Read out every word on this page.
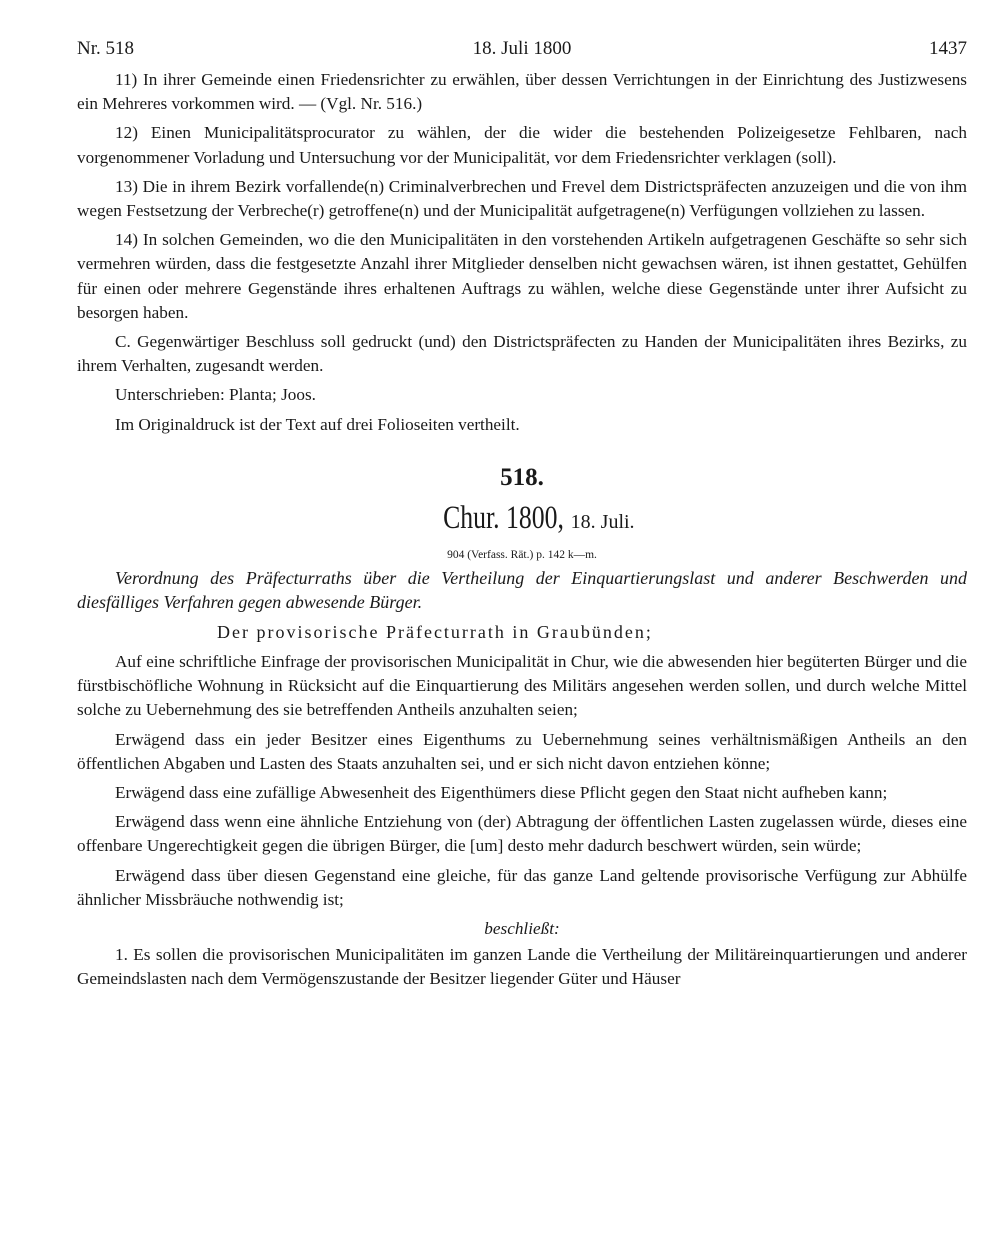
Nr. 518	18. Juli 1800	1437

11) In ihrer Gemeinde einen Friedensrichter zu erwählen, über dessen Verrichtungen in der Einrichtung des Justizwesens ein Mehreres vorkommen wird. — (Vgl. Nr. 516.)

12) Einen Municipalitätsprocurator zu wählen, der die wider die bestehenden Polizeigesetze Fehlbaren, nach vorgenommener Vorladung und Untersuchung vor der Municipalität, vor dem Friedensrichter verklagen (soll).

13) Die in ihrem Bezirk vorfallende(n) Criminalverbrechen und Frevel dem Districtspräfecten anzuzeigen und die von ihm wegen Festsetzung der Verbreche(r) getroffene(n) und der Municipalität aufgetragene(n) Verfügungen vollziehen zu lassen.

14) In solchen Gemeinden, wo die den Municipalitäten in den vorstehenden Artikeln aufgetragenen Geschäfte so sehr sich vermehren würden, dass die festgesetzte Anzahl ihrer Mitglieder denselben nicht gewachsen wären, ist ihnen gestattet, Gehülfen für einen oder mehrere Gegenstände ihres erhaltenen Auftrags zu wählen, welche diese Gegenstände unter ihrer Aufsicht zu besorgen haben.

C. Gegenwärtiger Beschluss soll gedruckt (und) den Districtspräfecten zu Handen der Municipalitäten ihres Bezirks, zu ihrem Verhalten, zugesandt werden.

Unterschrieben: Planta; Joos.

Im Originaldruck ist der Text auf drei Folioseiten vertheilt.

518.
Chur. 1800, 18. Juli.
904 (Verfass. Rät.) p. 142 k—m.
Verordnung des Präfecturraths über die Vertheilung der Einquartierungslast und anderer Beschwerden und diesfälliges Verfahren gegen abwesende Bürger.
Der provisorische Präfecturrath in Graubünden;

Auf eine schriftliche Einfrage der provisorischen Municipalität in Chur, wie die abwesenden hier begüterten Bürger und die fürstbischöfliche Wohnung in Rücksicht auf die Einquartierung des Militärs angesehen werden sollen, und durch welche Mittel solche zu Uebernehmung des sie betreffenden Antheils anzuhalten seien;

Erwägend dass ein jeder Besitzer eines Eigenthums zu Uebernehmung seines verhältnismäßigen Antheils an den öffentlichen Abgaben und Lasten des Staats anzuhalten sei, und er sich nicht davon entziehen könne;

Erwägend dass eine zufällige Abwesenheit des Eigenthümers diese Pflicht gegen den Staat nicht aufheben kann;

Erwägend dass wenn eine ähnliche Entziehung von (der) Abtragung der öffentlichen Lasten zugelassen würde, dieses eine offenbare Ungerechtigkeit gegen die übrigen Bürger, die [um] desto mehr dadurch beschwert würden, sein würde;

Erwägend dass über diesen Gegenstand eine gleiche, für das ganze Land geltende provisorische Verfügung zur Abhülfe ähnlicher Missbräuche nothwendig ist;

beschließt:

1. Es sollen die provisorischen Municipalitäten im ganzen Lande die Vertheilung der Militäreinquartierungen und anderer Gemeindslasten nach dem Vermögenszustande der Besitzer liegender Güter und Häuser
